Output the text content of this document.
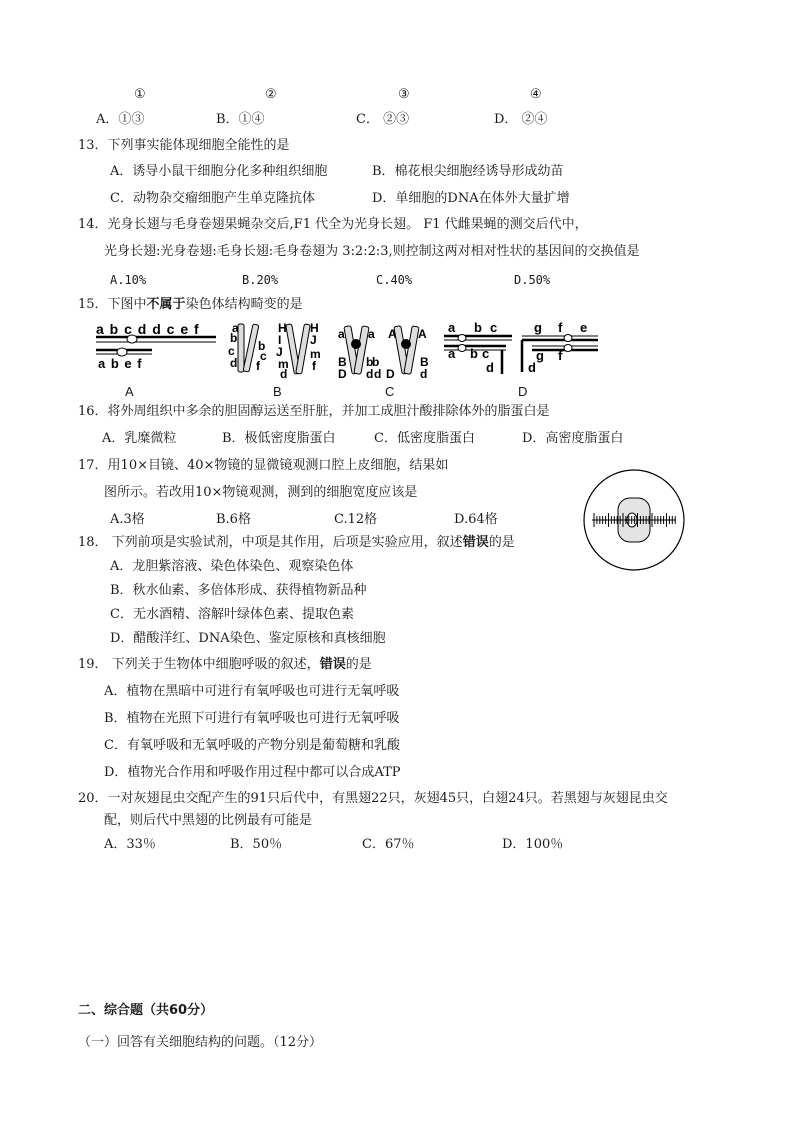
①	②	③	④
A．①③	B．①④	C． ②③	D． ②④
13．下列事实能体现细胞全能性的是
A．诱导小鼠干细胞分化多种组织细胞	B．棉花根尖细胞经诱导形成幼苗
C．动物杂交瘤细胞产生单克隆抗体	D．单细胞的DNA在体外大量扩增
14．光身长翅与毛身卷翅果蝇杂交后,F1 代全为光身长翅。 F1 代雌果蝇的测交后代中，
光身长翅:光身卷翅:毛身长翅:毛身卷翅为 3:2:2:3,则控制这两对相对性状的基因间的交换值是
A.10%	B.20%	C.40%	D.50%
15．下图中不属于染色体结构畸变的是
a b c d d c e f
a b e f
a
b
c
d
b
c
f
H
I
J
m
d
H
J
m
f
a
B
D
a
b
b
d d
A
D
A
B
d
a b c
a b c
d
g f e
g f
d
A	B	C	D
16．将外周组织中多余的胆固醇运送至肝脏，并加工成胆汁酸排除体外的脂蛋白是
A．乳糜微粒	B．极低密度脂蛋白	C．低密度脂蛋白	D．高密度脂蛋白
17．用10×目镜、40×物镜的显微镜观测口腔上皮细胞，结果如
图所示。若改用10×物镜观测，测到的细胞宽度应该是
A.3格	B.6格	C.12格	D.64格
18． 下列前项是实验试剂，中项是其作用，后项是实验应用，叙述错误的是
A．龙胆紫溶液、染色体染色、观察染色体
B．秋水仙素、多倍体形成、获得植物新品种
C．无水酒精、溶解叶绿体色素、提取色素
D．醋酸洋红、DNA染色、鉴定原核和真核细胞
19． 下列关于生物体中细胞呼吸的叙述，错误的是
A．植物在黑暗中可进行有氧呼吸也可进行无氧呼吸
B．植物在光照下可进行有氧呼吸也可进行无氧呼吸
C．有氧呼吸和无氧呼吸的产物分别是葡萄糖和乳酸
D．植物光合作用和呼吸作用过程中都可以合成ATP
20．一对灰翅昆虫交配产生的91只后代中，有黑翅22只，灰翅45只，白翅24只。若黑翅与灰翅昆虫交
配，则后代中黑翅的比例最有可能是
A．33％	B．50％	C．67％	D．100％
二、综合题（共60分）
（一）回答有关细胞结构的问题。（12分）
